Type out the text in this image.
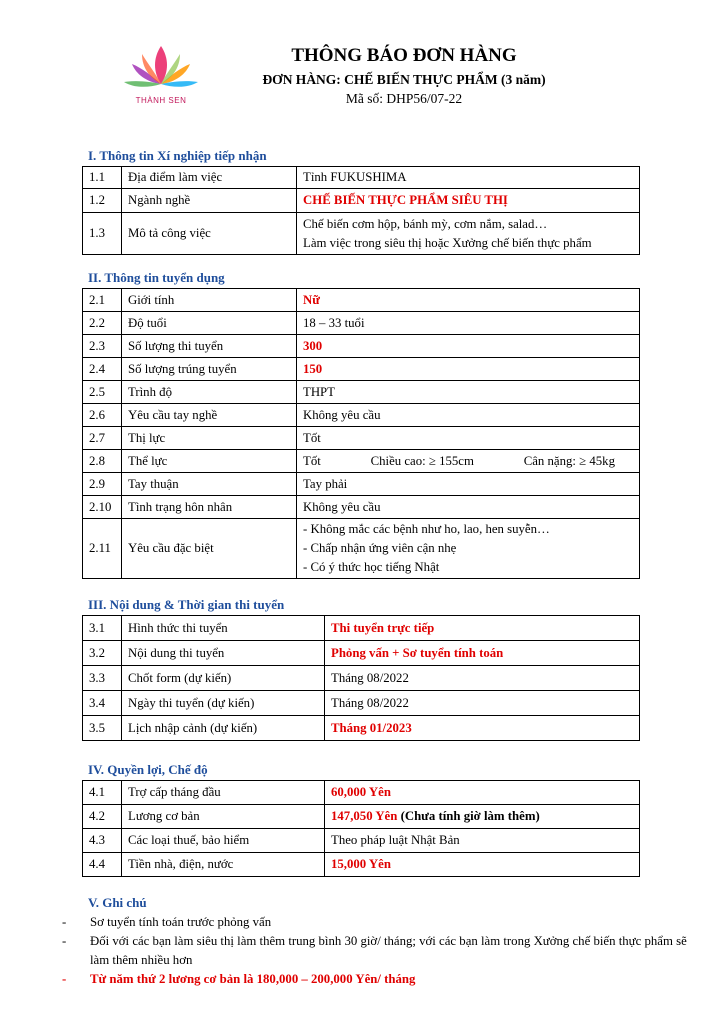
THÀNH SEN
THÔNG BÁO ĐƠN HÀNG
ĐƠN HÀNG: CHẾ BIẾN THỰC PHẨM (3 năm)
Mã số: DHP56/07-22
I. Thông tin Xí nghiệp tiếp nhận
1.1	Địa điểm làm việc	Tỉnh FUKUSHIMA
1.2	Ngành nghề	CHẾ BIẾN THỰC PHẨM SIÊU THỊ
1.3	Mô tả công việc	Chế biến cơm hộp, bánh mỳ, cơm nắm, salad…
Làm việc trong siêu thị hoặc Xưởng chế biến thực phẩm
II. Thông tin tuyển dụng
2.1	Giới tính	Nữ
2.2	Độ tuổi	18 – 33 tuổi
2.3	Số lượng thi tuyển	300
2.4	Số lượng trúng tuyển	150
2.5	Trình độ	THPT
2.6	Yêu cầu tay nghề	Không yêu cầu
2.7	Thị lực	Tốt
2.8	Thể lực	Tốt Chiều cao: ≥ 155cm Cân nặng: ≥ 45kg

2.9	Tay thuận	Tay phải
2.10	Tình trạng hôn nhân	Không yêu cầu
2.11	Yêu cầu đặc biệt	- Không mắc các bệnh như ho, lao, hen suyễn…
- Chấp nhận ứng viên cận nhẹ
- Có ý thức học tiếng Nhật
III. Nội dung & Thời gian thi tuyển
3.1	Hình thức thi tuyển	Thi tuyển trực tiếp
3.2	Nội dung thi tuyển	Phỏng vấn + Sơ tuyển tính toán
3.3	Chốt form (dự kiến)	Tháng 08/2022
3.4	Ngày thi tuyển (dự kiến)	Tháng 08/2022
3.5	Lịch nhập cảnh (dự kiến)	Tháng 01/2023
IV. Quyền lợi, Chế độ
4.1	Trợ cấp tháng đầu	60,000 Yên
4.2	Lương cơ bản	147,050 Yên (Chưa tính giờ làm thêm)
4.3	Các loại thuế, bảo hiểm	Theo pháp luật Nhật Bản
4.4	Tiền nhà, điện, nước	15,000 Yên
V. Ghi chú
- Sơ tuyển tính toán trước phỏng vấn
- Đối với các bạn làm siêu thị làm thêm trung bình 30 giờ/ tháng; với các bạn làm trong Xưởng chế biến thực phẩm sẽ làm thêm nhiều hơn
- Từ năm thứ 2 lương cơ bản là 180,000 – 200,000 Yên/ tháng
